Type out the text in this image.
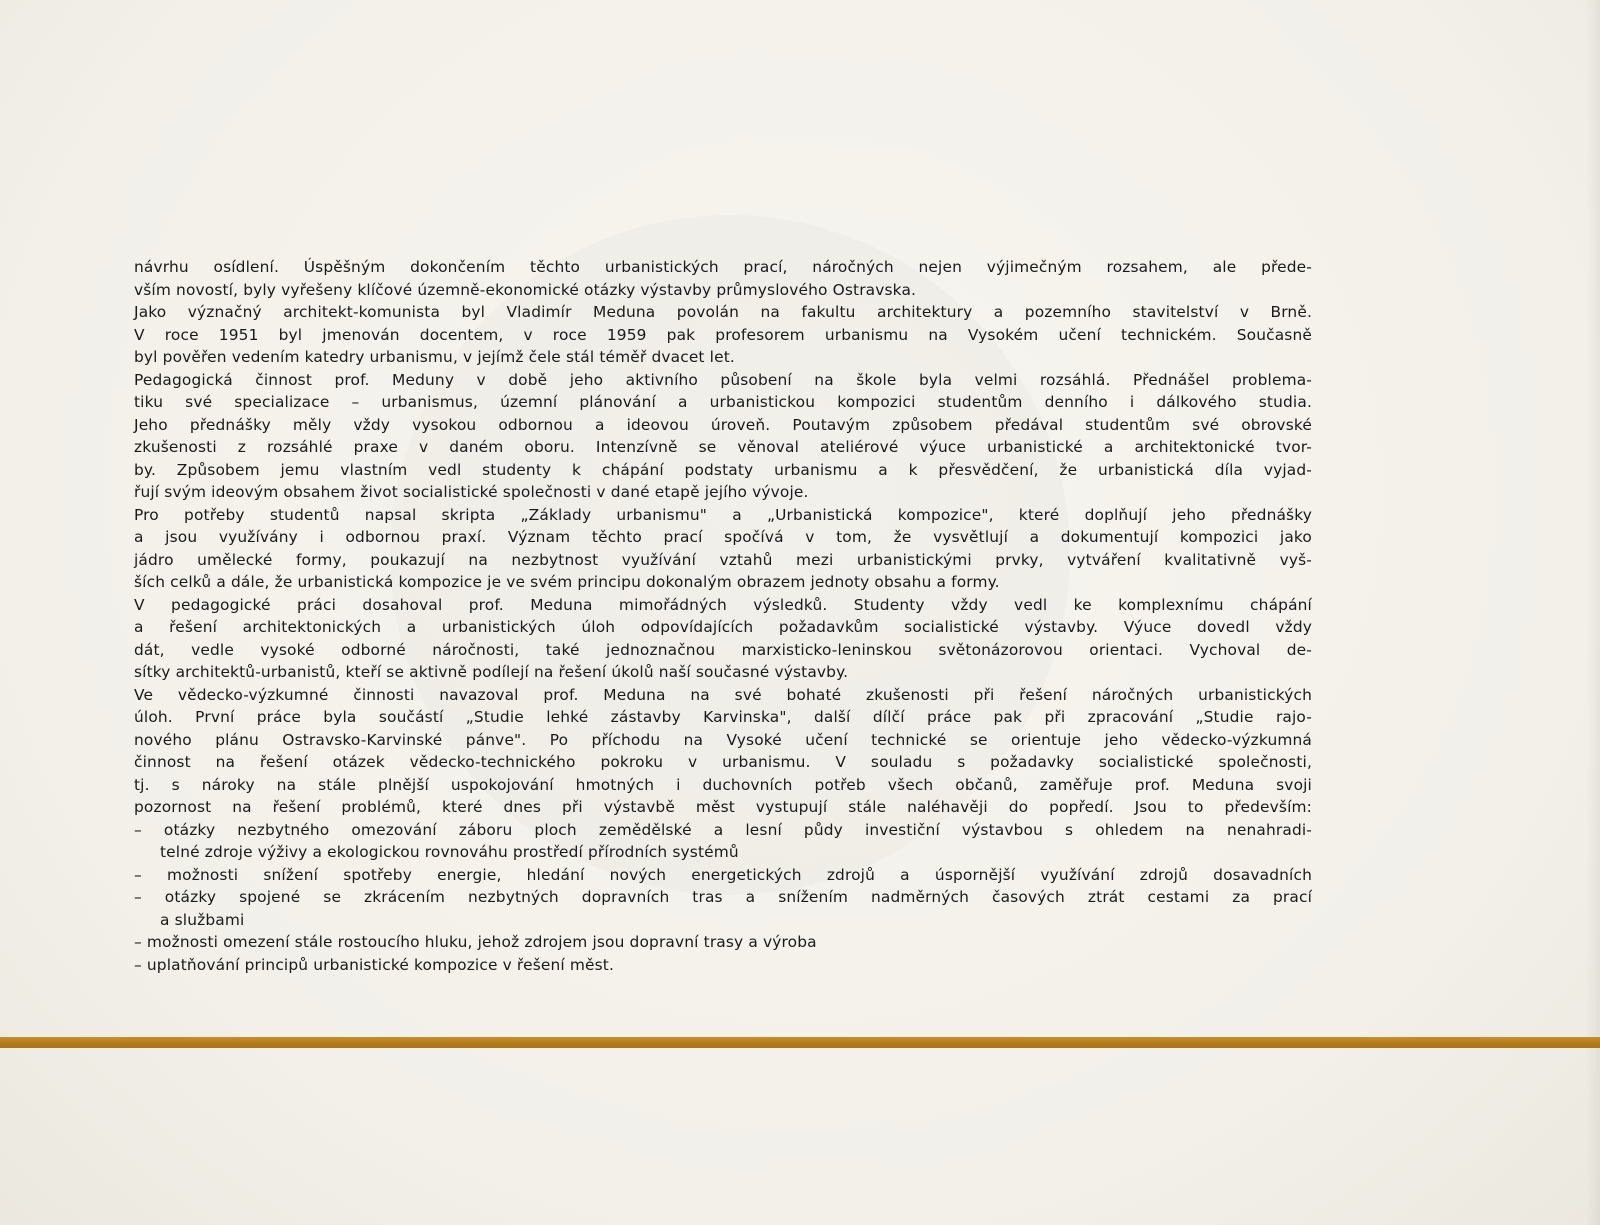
návrhu osídlení. Úspěšným dokončením těchto urbanistických prací, náročných nejen výjimečným rozsahem, ale přede-

vším novostí, byly vyřešeny klíčové územně-ekonomické otázky výstavby průmyslového Ostravska.

Jako význačný architekt-komunista byl Vladimír Meduna povolán na fakultu architektury a pozemního stavitelství v Brně.

V roce 1951 byl jmenován docentem, v roce 1959 pak profesorem urbanismu na Vysokém učení technickém. Současně

byl pověřen vedením katedry urbanismu, v jejímž čele stál téměř dvacet let.

Pedagogická činnost prof. Meduny v době jeho aktivního působení na škole byla velmi rozsáhlá. Přednášel problema-

tiku své specializace – urbanismus, územní plánování a urbanistickou kompozici studentům denního i dálkového studia.

Jeho přednášky měly vždy vysokou odbornou a ideovou úroveň. Poutavým způsobem předával studentům své obrovské

zkušenosti z rozsáhlé praxe v daném oboru. Intenzívně se věnoval ateliérové výuce urbanistické a architektonické tvor-

by. Způsobem jemu vlastním vedl studenty k chápání podstaty urbanismu a k přesvědčení, že urbanistická díla vyjad-

řují svým ideovým obsahem život socialistické společnosti v dané etapě jejího vývoje.

Pro potřeby studentů napsal skripta „Základy urbanismu" a „Urbanistická kompozice", které doplňují jeho přednášky

a jsou využívány i odbornou praxí. Význam těchto prací spočívá v tom, že vysvětlují a dokumentují kompozici jako

jádro umělecké formy, poukazují na nezbytnost využívání vztahů mezi urbanistickými prvky, vytváření kvalitativně vyš-

ších celků a dále, že urbanistická kompozice je ve svém principu dokonalým obrazem jednoty obsahu a formy.

V pedagogické práci dosahoval prof. Meduna mimořádných výsledků. Studenty vždy vedl ke komplexnímu chápání

a řešení architektonických a urbanistických úloh odpovídajících požadavkům socialistické výstavby. Výuce dovedl vždy

dát, vedle vysoké odborné náročnosti, také jednoznačnou marxisticko-leninskou světonázorovou orientaci. Vychoval de-

sítky architektů-urbanistů, kteří se aktivně podílejí na řešení úkolů naší současné výstavby.

Ve vědecko-výzkumné činnosti navazoval prof. Meduna na své bohaté zkušenosti při řešení náročných urbanistických

úloh. První práce byla součástí „Studie lehké zástavby Karvinska", další dílčí práce pak při zpracování „Studie rajo-

nového plánu Ostravsko-Karvinské pánve". Po příchodu na Vysoké učení technické se orientuje jeho vědecko-výzkumná

činnost na řešení otázek vědecko-technického pokroku v urbanismu. V souladu s požadavky socialistické společnosti,

tj. s nároky na stále plnější uspokojování hmotných i duchovních potřeb všech občanů, zaměřuje prof. Meduna svoji

pozornost na řešení problémů, které dnes při výstavbě měst vystupují stále naléhavěji do popředí. Jsou to především:

– otázky nezbytného omezování záboru ploch zemědělské a lesní půdy investiční výstavbou s ohledem na nenahradi-

telné zdroje výživy a ekologickou rovnováhu prostředí přírodních systémů

– možnosti snížení spotřeby energie, hledání nových energetických zdrojů a úspornější využívání zdrojů dosavadních

– otázky spojené se zkrácením nezbytných dopravních tras a snížením nadměrných časových ztrát cestami za prací

a službami

– možnosti omezení stále rostoucího hluku, jehož zdrojem jsou dopravní trasy a výroba

– uplatňování principů urbanistické kompozice v řešení měst.
